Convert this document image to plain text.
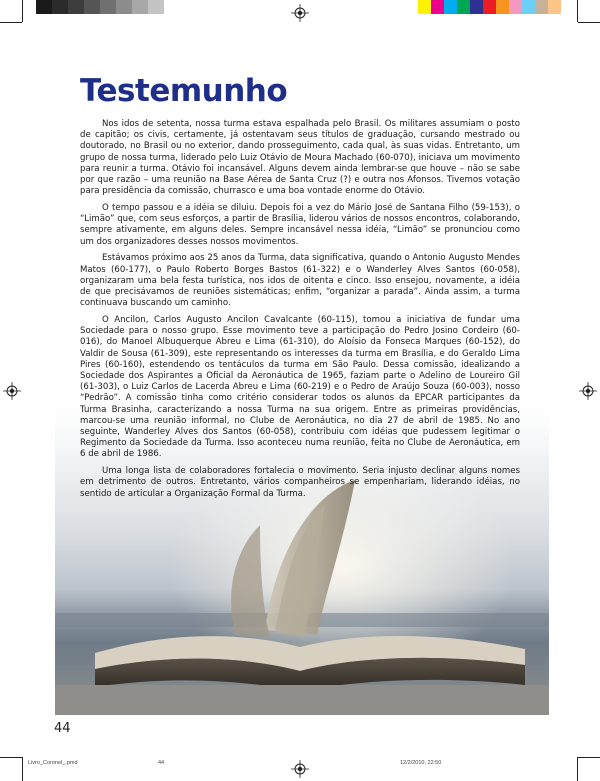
Testemunho

Nos idos de setenta, nossa turma estava espalhada pelo Brasil. Os militares assumiam o posto de capitão; os civis, certamente, já ostentavam seus títulos de graduação, cursando mestrado ou doutorado, no Brasil ou no exterior, dando prosseguimento, cada qual, às suas vidas. Entretanto, um grupo de nossa turma, liderado pelo Luiz Otávio de Moura Machado (60-070), iniciava um movimento para reunir a turma. Otávio foi incansável. Alguns devem ainda lembrar-se que houve – não se sabe por que razão – uma reunião na Base Aérea de Santa Cruz (?) e outra nos Afonsos. Tivemos votação para presidência da comissão, churrasco e uma boa vontade enorme do Otávio.

O tempo passou e a idéia se diluiu. Depois foi a vez do Mário José de Santana Filho (59-153), o “Limão” que, com seus esforços, a partir de Brasília, liderou vários de nossos encontros, colaborando, sempre ativamente, em alguns deles. Sempre incansável nessa idéia, “Limão” se pronunciou como um dos organizadores desses nossos movimentos.

Estávamos próximo aos 25 anos da Turma, data significativa, quando o Antonio Augusto Mendes Matos (60-177), o Paulo Roberto Borges Bastos (61-322) e o Wanderley Alves Santos (60-058), organizaram uma bela festa turística, nos idos de oitenta e cinco. Isso ensejou, novamente, a idéia de que precisávamos de reuniões sistemáticas; enfim, “organizar a parada”. Ainda assim, a turma continuava buscando um caminho.

O Ancilon, Carlos Augusto Ancilon Cavalcante (60-115), tomou a iniciativa de fundar uma Sociedade para o nosso grupo. Esse movimento teve a participação do Pedro Josino Cordeiro (60-016), do Manoel Albuquerque Abreu e Lima (61-310), do Aloísio da Fonseca Marques (60-152), do Valdir de Sousa (61-309), este representando os interesses da turma em Brasília, e do Geraldo Lima Pires (60-160), estendendo os tentáculos da turma em São Paulo. Dessa comissão, idealizando a Sociedade dos Aspirantes a Oficial da Aeronáutica de 1965, faziam parte o Adelino de Loureiro Gil (61-303), o Luiz Carlos de Lacerda Abreu e Lima (60-219) e o Pedro de Araújo Souza (60-003), nosso “Pedrão”. A comissão tinha como critério considerar todos os alunos da EPCAR participantes da Turma Brasinha, caracterizando a nossa Turma na sua origem. Entre as primeiras providências, marcou-se uma reunião informal, no Clube de Aeronáutica, no dia 27 de abril de 1985. No ano seguinte, Wanderley Alves dos Santos (60-058), contribuiu com idéias que pudessem legitimar o Regimento da Sociedade da Turma. Isso aconteceu numa reunião, feita no Clube de Aeronáutica, em 6 de abril de 1986.

Uma longa lista de colaboradores fortalecia o movimento. Seria injusto declinar alguns nomes em detrimento de outros. Entretanto, vários companheiros se empenhariam, liderando idéias, no sentido de articular a Organização Formal da Turma.

44
Livro_Coronel_.pmd	44	12/2/2010, 22:50
